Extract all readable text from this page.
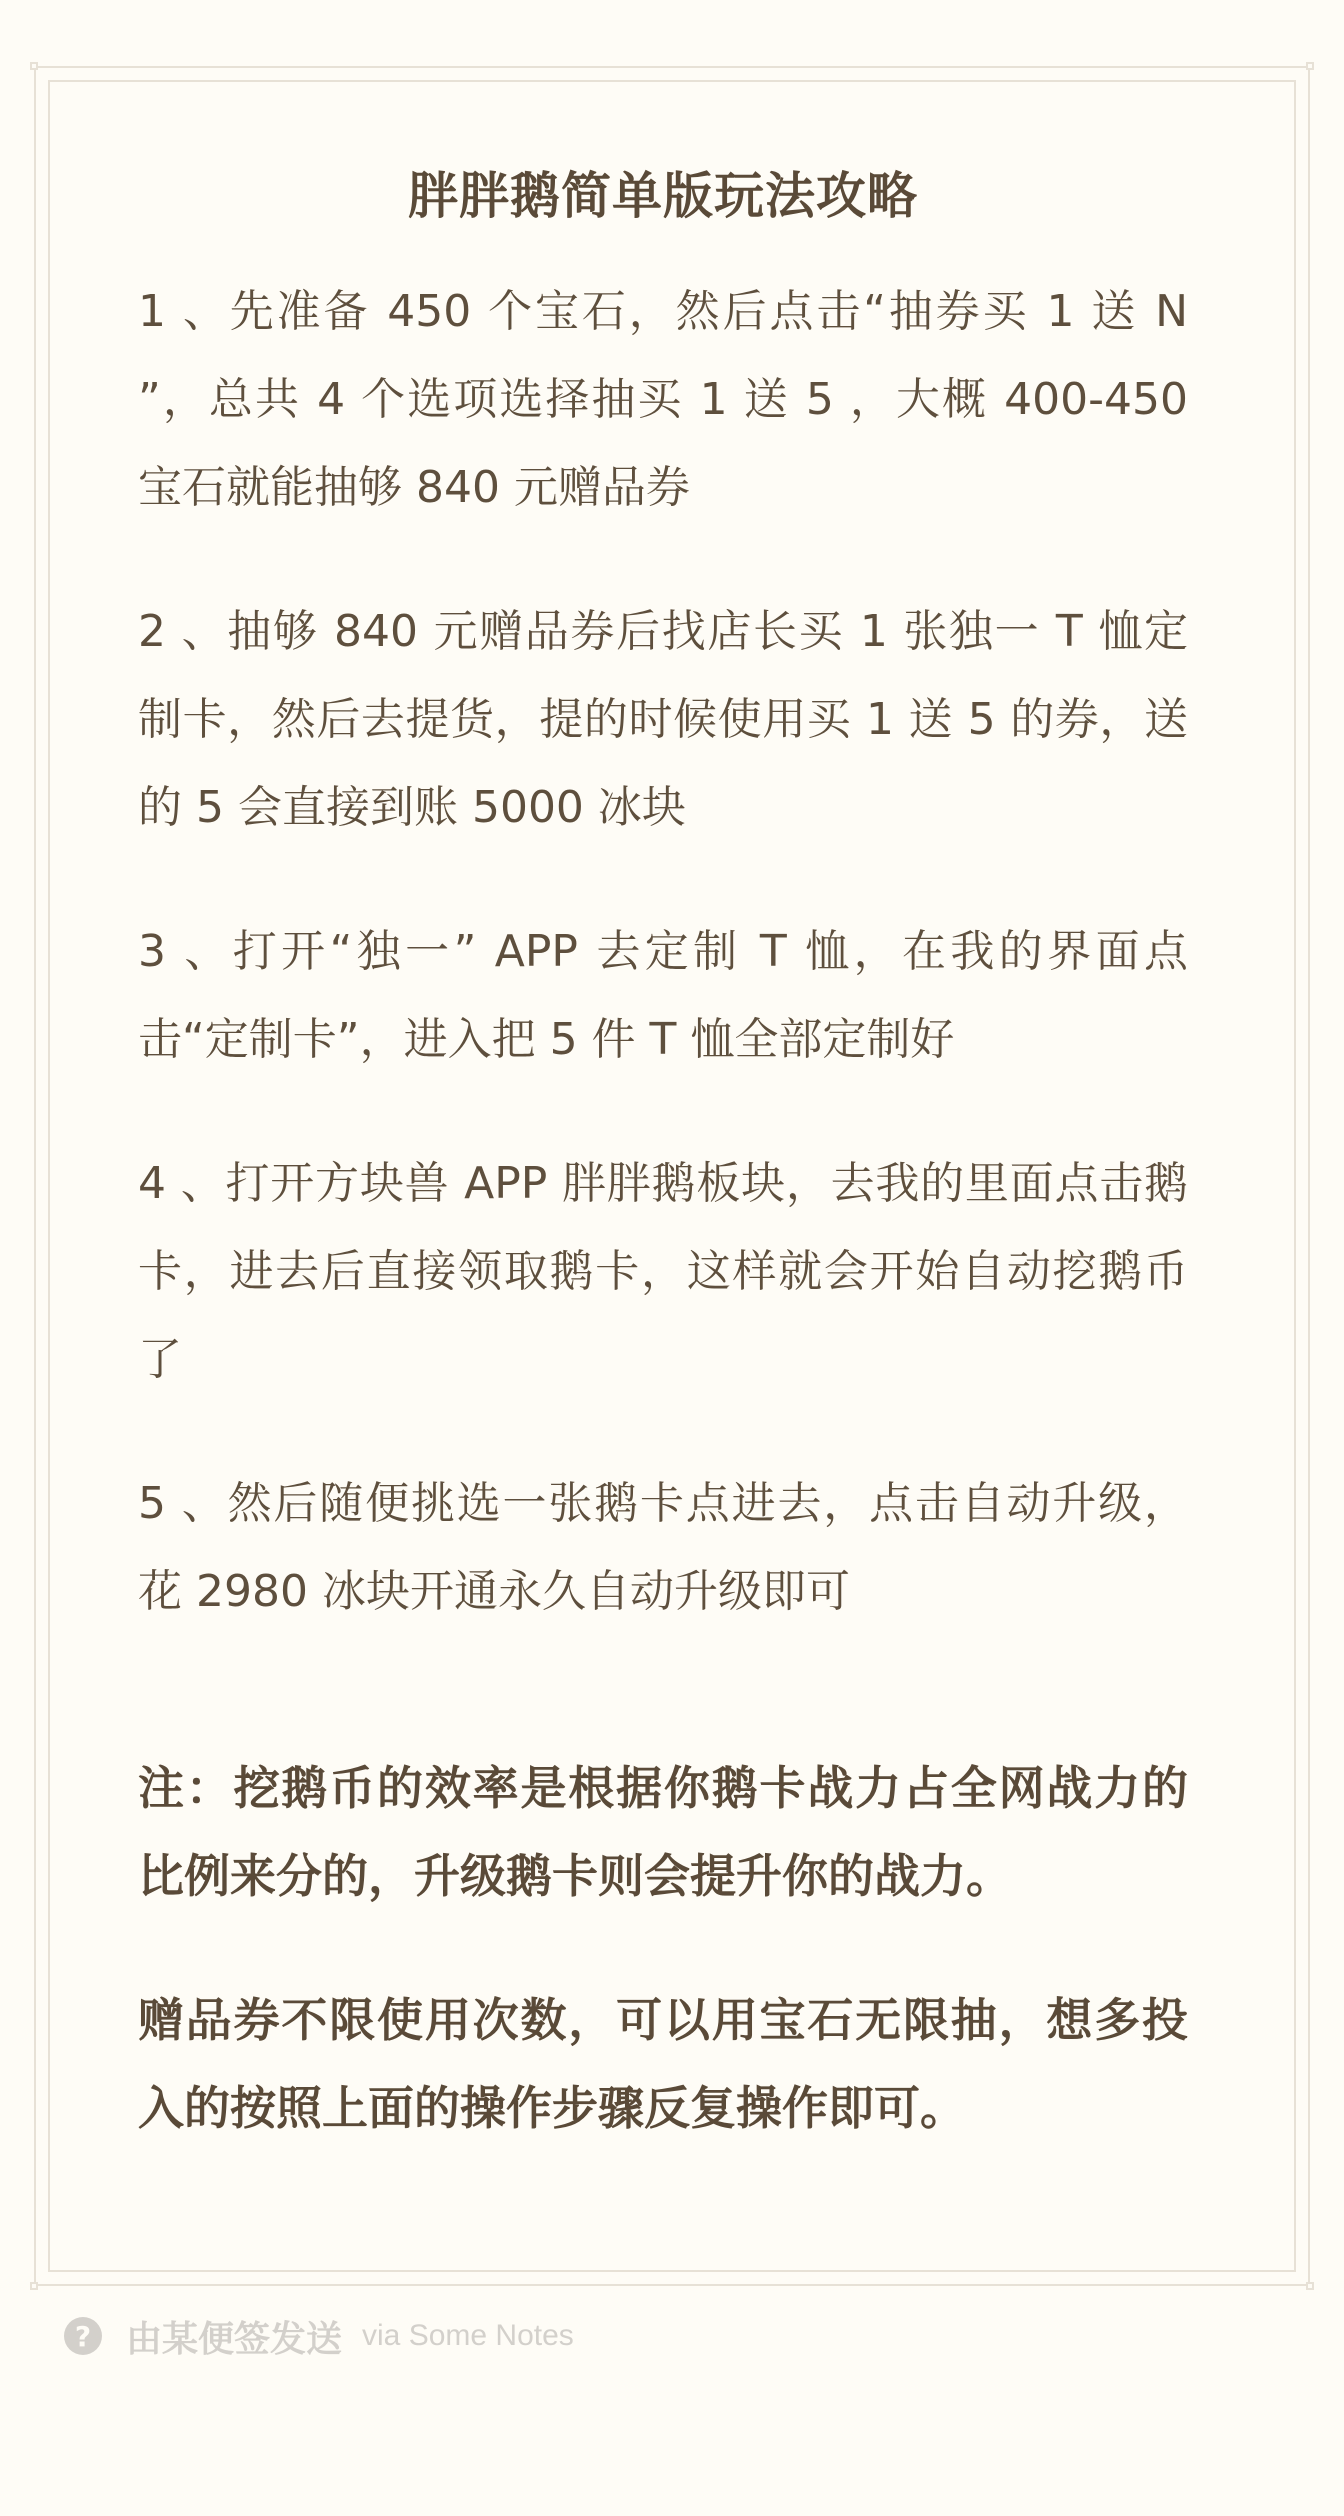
胖胖鹅简单版玩法攻略

1 、先准备 450 个宝石，然后点击“抽券买 1 送 N ”，总共 4 个选项选择抽买 1 送 5 ，大概 400-450 宝石就能抽够 840 元赠品券

2 、抽够 840 元赠品券后找店长买 1 张独一 T 恤定制卡，然后去提货，提的时候使用买 1 送 5 的券，送的 5 会直接到账 5000 冰块

3 、打开“独一” APP 去定制 T 恤，在我的界面点击“定制卡”，进入把 5 件 T 恤全部定制好

4 、打开方块兽 APP 胖胖鹅板块，去我的里面点击鹅卡，进去后直接领取鹅卡，这样就会开始自动挖鹅币了

5 、然后随便挑选一张鹅卡点进去，点击自动升级，花 2980 冰块开通永久自动升级即可

注：挖鹅币的效率是根据你鹅卡战力占全网战力的比例来分的，升级鹅卡则会提升你的战力。

赠品券不限使用次数，可以用宝石无限抽，想多投入的按照上面的操作步骤反复操作即可。

? 由某便签发送 via Some Notes
